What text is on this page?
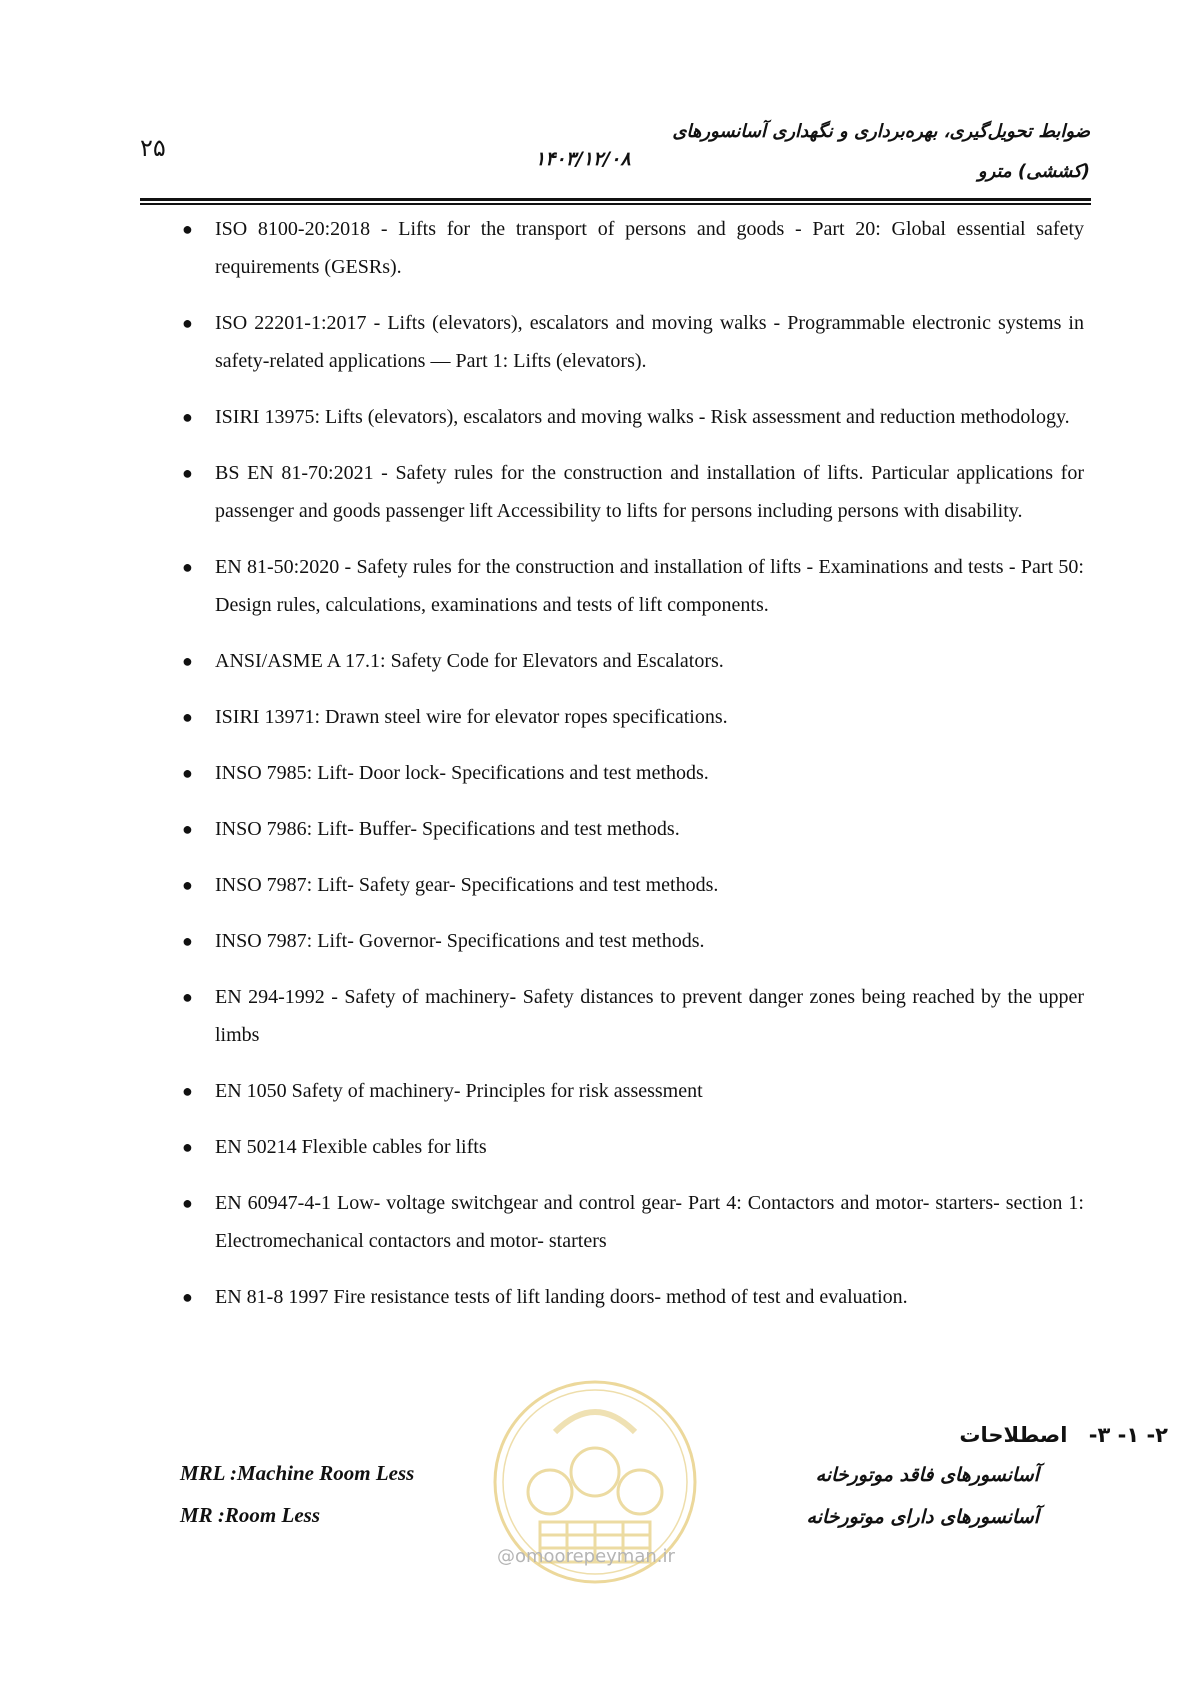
۲۵	۱۴۰۳/۱۲/۰۸
ضوابط تحویل‌گیری، بهره‌برداری و نگهداری آسانسورهای
(کششی) مترو
● ISO 8100-20:2018 - Lifts for the transport of persons and goods - Part 20: Global essential safety requirements (GESRs).
● ISO 22201-1:2017 - Lifts (elevators), escalators and moving walks - Programmable electronic systems in safety-related applications — Part 1: Lifts (elevators).
● ISIRI 13975: Lifts (elevators), escalators and moving walks - Risk assessment and reduction methodology.
● BS EN 81-70:2021 - Safety rules for the construction and installation of lifts. Particular applications for passenger and goods passenger lift Accessibility to lifts for persons including persons with disability.
● EN 81-50:2020 - Safety rules for the construction and installation of lifts - Examinations and tests - Part 50: Design rules, calculations, examinations and tests of lift components.
● ANSI/ASME A 17.1: Safety Code for Elevators and Escalators.
● ISIRI 13971: Drawn steel wire for elevator ropes specifications.
● INSO 7985: Lift- Door lock- Specifications and test methods.
● INSO 7986: Lift- Buffer- Specifications and test methods.
● INSO 7987: Lift- Safety gear- Specifications and test methods.
● INSO 7987: Lift- Governor- Specifications and test methods.
● EN 294-1992 - Safety of machinery- Safety distances to prevent danger zones being reached by the upper limbs
● EN 1050 Safety of machinery- Principles for risk assessment
● EN 50214 Flexible cables for lifts
● EN 60947-4-1 Low- voltage switchgear and control gear- Part 4: Contactors and motor- starters- section 1: Electromechanical contactors and motor- starters
● EN 81-8 1997 Fire resistance tests of lift landing doors- method of test and evaluation.
@omoorepeyman.ir
۲- ۱- ۳- اصطلاحات
MRL :Machine Room Less	آسانسورهای فاقد موتورخانه
MR :Room Less	آسانسورهای دارای موتورخانه
